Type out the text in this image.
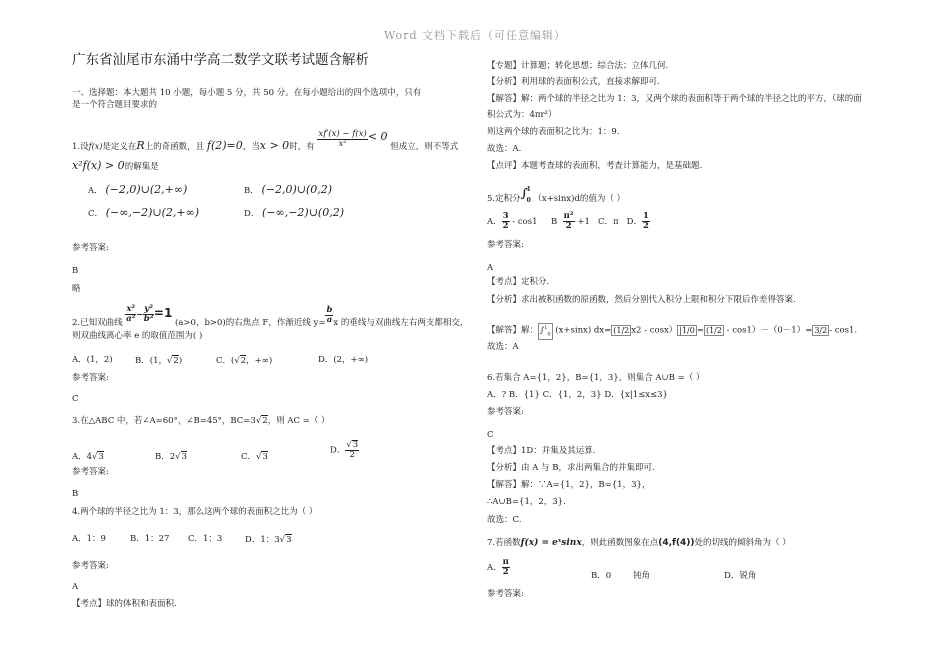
Word 文档下载后（可任意编辑）
广东省汕尾市东涌中学高二数学文联考试题含解析
一、选择题：本大题共 10 小题，每小题 5 分，共 50 分。在每小题给出的四个选项中，只有
是一个符合题目要求的
1.设f(x)是定义在R上的奇函数，且 f(2)=0，当x > 0时，有 $\frac{xf'(x) - f(x)}{\text{x²}} < 0$ 恒成立，则不等式
x²f(x) > 0的解集是
A． (−2,0)∪(2,+∞)	B． (−2,0)∪(0,2)
C． (−∞,−2)∪(2,+∞)	D． (−∞,−2)∪(0,2)
参考答案:
B
略
2.已知双曲线 $\frac{\text{x²}}{\text{a²}} - \frac{\text{y²}}{\text{b²}} =1$ (a>0，b>0)的右焦点 F，作渐近线 $y= \frac{b}{a}$ x 的垂线与双曲线左右两支都相交，
则双曲线离心率 e 的取值范围为( )
A．(1，2)	B．(1，√2)	C．(√2，+∞)	D．(2，+∞)
参考答案:
C
3.在△ABC 中，若∠A=60°，∠B=45°，BC=3√2，则 AC =（ ）
A．4√3	B．2√3	C．√3
D． $\frac{√3}{2}$
参考答案:
B
4.两个球的半径之比为 1：3，那么这两个球的表面积之比为（ ）
A．1：9	B．1：27 C．1：3	D．1：3√3
参考答案:
A
【考点】球的体积和表面积.
【专题】计算题；转化思想；综合法；立体几何.
【分析】利用球的表面积公式，直接求解即可.
【解答】解：两个球的半径之比为 1：3，又两个球的表面积等于两个球的半径之比的平方，（球的面
积公式为：4πr²）
则这两个球的表面积之比为：1：9.
故选：A.
【点评】本题考查球的表面积，考查计算能力，是基础题.
5.定积分 ∫ 1
0 （x+sinx)d的值为（ ）
A． $\frac{3}{2} - \cos 1$ B $\frac{\text{π²}}{2} +1$ C．π D． $\frac{1}{2}$
参考答案:
A
【考点】定积分.
【分析】求出被积函数的原函数，然后分别代入积分上限和积分下限后作差得答案.
【解答】解： ∫$^1_0$ (x+sinx) dx= (1/2 x2 - cosx） |1/0 = (1/2 - cos1）－（0－1）= 3/2 - cos1.
故选：A
6.若集合 A={1，2}，B={1，3}，则集合 A∪B =（ ）
A．? B．{1} C．{1，2，3} D．{x|1≤x≤3}
参考答案:
C
【考点】1D：并集及其运算.
【分析】由 A 与 B，求出两集合的并集即可.
【解答】解：∵A={1，2}，B={1，3}，
∴A∪B={1，2，3}.
故选：C.
7.若函数f(x) = eˣsinx，则此函数图象在点(4,f(4))处的切线的倾斜角为（ ）
A． $\frac{\pi}{2}$	B．0	钝角	D．锐角
参考答案:
